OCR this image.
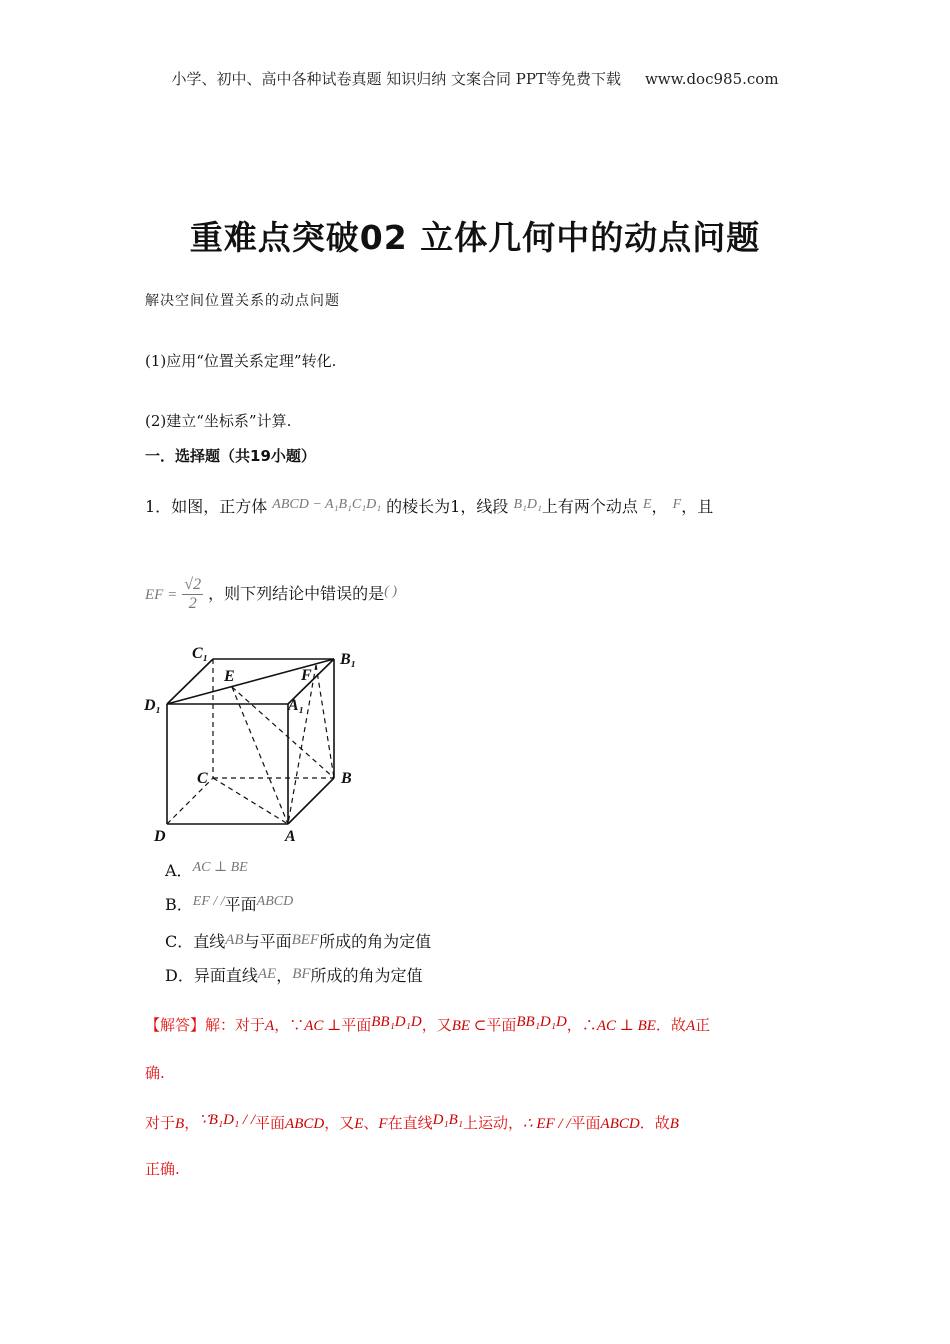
小学、初中、高中各种试卷真题 知识归纳 文案合同 PPT等免费下载 www.doc985.com
重难点突破02 立体几何中的动点问题
解决空间位置关系的动点问题
(1)应用“位置关系定理”转化.
(2)建立“坐标系”计算.
一．选择题（共19小题）
1．如图，正方体 ABCD − A₁B₁C₁D₁ 的棱长为1，线段 B₁D₁上有两个动点 E， F，且
EF = $\frac{√2}{2}$ ，则下列结论中错误的是( )
C₁	B₁
D₁
E	F
A₁
C	B
D	A
A．AC ⊥ BE
B．EF / /平面ABCD
C．直线AB与平面BEF所成的角为定值
D．异面直线AE，BF所成的角为定值
【解答】解：对于A，∵AC ⊥平面BB₁D₁D，又BE ⊂平面BB₁D₁D，∴AC ⊥ BE．故A正
确.
对于B，∵B₁D₁ / /平面ABCD，又E、F在直线D₁B₁上运动，∴ EF / /平面ABCD．故B
正确.
